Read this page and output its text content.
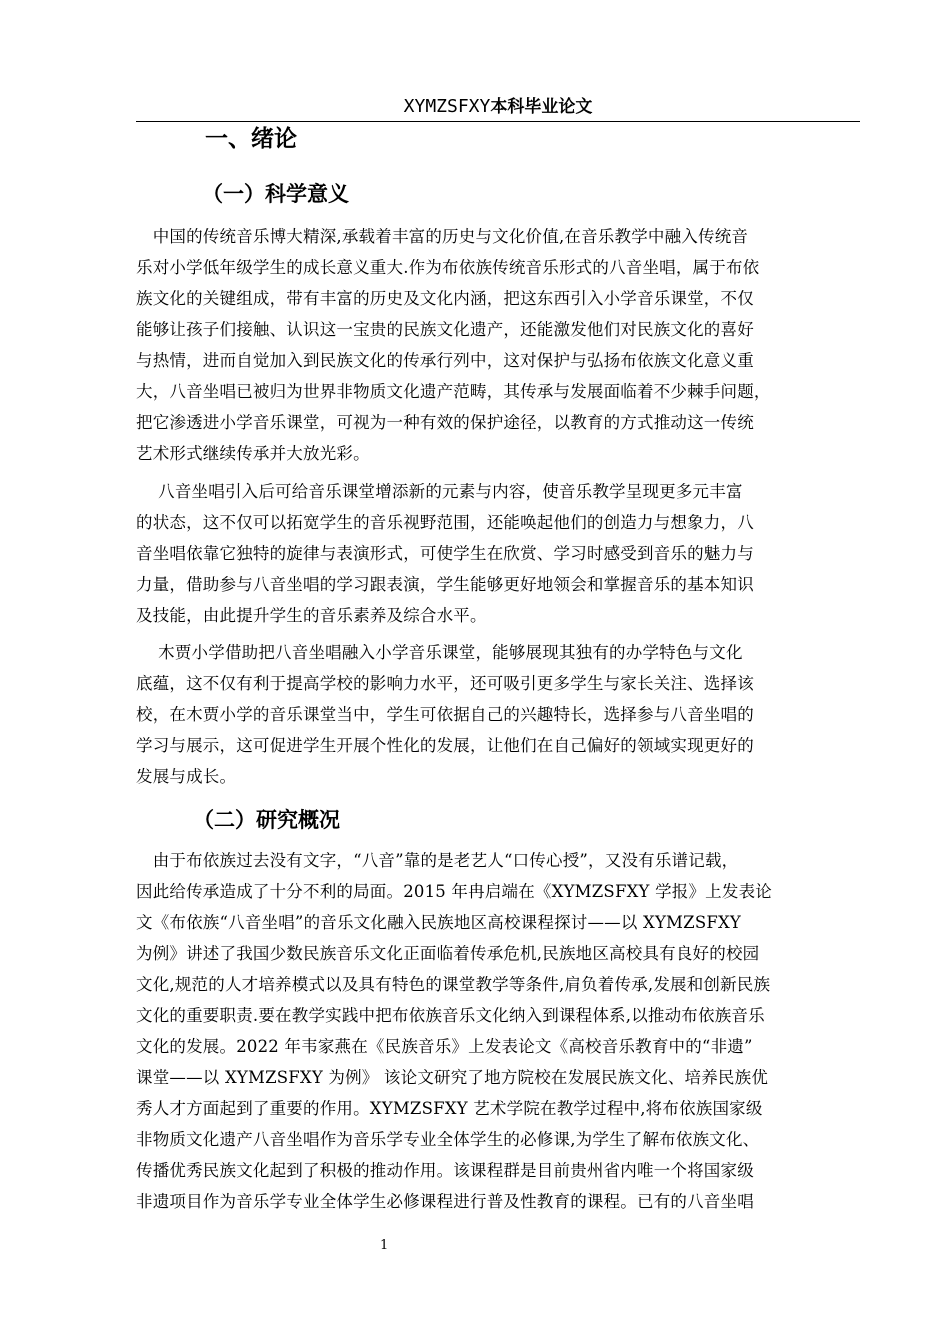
XYMZSFXY本科毕业论文
一、绪论
（一）科学意义
　中国的传统音乐博大精深,承载着丰富的历史与文化价值,在音乐教学中融入传统音
乐对小学低年级学生的成长意义重大.作为布依族传统音乐形式的八音坐唱，属于布依
族文化的关键组成，带有丰富的历史及文化内涵，把这东西引入小学音乐课堂，不仅
能够让孩子们接触、认识这一宝贵的民族文化遗产，还能激发他们对民族文化的喜好
与热情，进而自觉加入到民族文化的传承行列中，这对保护与弘扬布依族文化意义重
大，八音坐唱已被归为世界非物质文化遗产范畴，其传承与发展面临着不少棘手问题，
把它渗透进小学音乐课堂，可视为一种有效的保护途径，以教育的方式推动这一传统
艺术形式继续传承并大放光彩。
　 八音坐唱引入后可给音乐课堂增添新的元素与内容，使音乐教学呈现更多元丰富
的状态，这不仅可以拓宽学生的音乐视野范围，还能唤起他们的创造力与想象力，八
音坐唱依靠它独特的旋律与表演形式，可使学生在欣赏、学习时感受到音乐的魅力与
力量，借助参与八音坐唱的学习跟表演，学生能够更好地领会和掌握音乐的基本知识
及技能，由此提升学生的音乐素养及综合水平。
　 木贾小学借助把八音坐唱融入小学音乐课堂，能够展现其独有的办学特色与文化
底蕴，这不仅有利于提高学校的影响力水平，还可吸引更多学生与家长关注、选择该
校，在木贾小学的音乐课堂当中，学生可依据自己的兴趣特长，选择参与八音坐唱的
学习与展示，这可促进学生开展个性化的发展，让他们在自己偏好的领域实现更好的
发展与成长。
（二）研究概况
　由于布依族过去没有文字，“八音”靠的是老艺人“口传心授”，又没有乐谱记载，
因此给传承造成了十分不利的局面。2015 年冉启端在《XYMZSFXY 学报》上发表论
文《布依族“八音坐唱”的音乐文化融入民族地区高校课程探讨——以 XYMZSFXY
为例》讲述了我国少数民族音乐文化正面临着传承危机,民族地区高校具有良好的校园
文化,规范的人才培养模式以及具有特色的课堂教学等条件,肩负着传承,发展和创新民族
文化的重要职责.要在教学实践中把布依族音乐文化纳入到课程体系,以推动布依族音乐
文化的发展。2022 年韦家燕在《民族音乐》上发表论文《高校音乐教育中的“非遗”
课堂——以 XYMZSFXY 为例》 该论文研究了地方院校在发展民族文化、培养民族优
秀人才方面起到了重要的作用。XYMZSFXY 艺术学院在教学过程中,将布依族国家级
非物质文化遗产八音坐唱作为音乐学专业全体学生的必修课,为学生了解布依族文化、
传播优秀民族文化起到了积极的推动作用。该课程群是目前贵州省内唯一个将国家级
非遗项目作为音乐学专业全体学生必修课程进行普及性教育的课程。已有的八音坐唱
1
